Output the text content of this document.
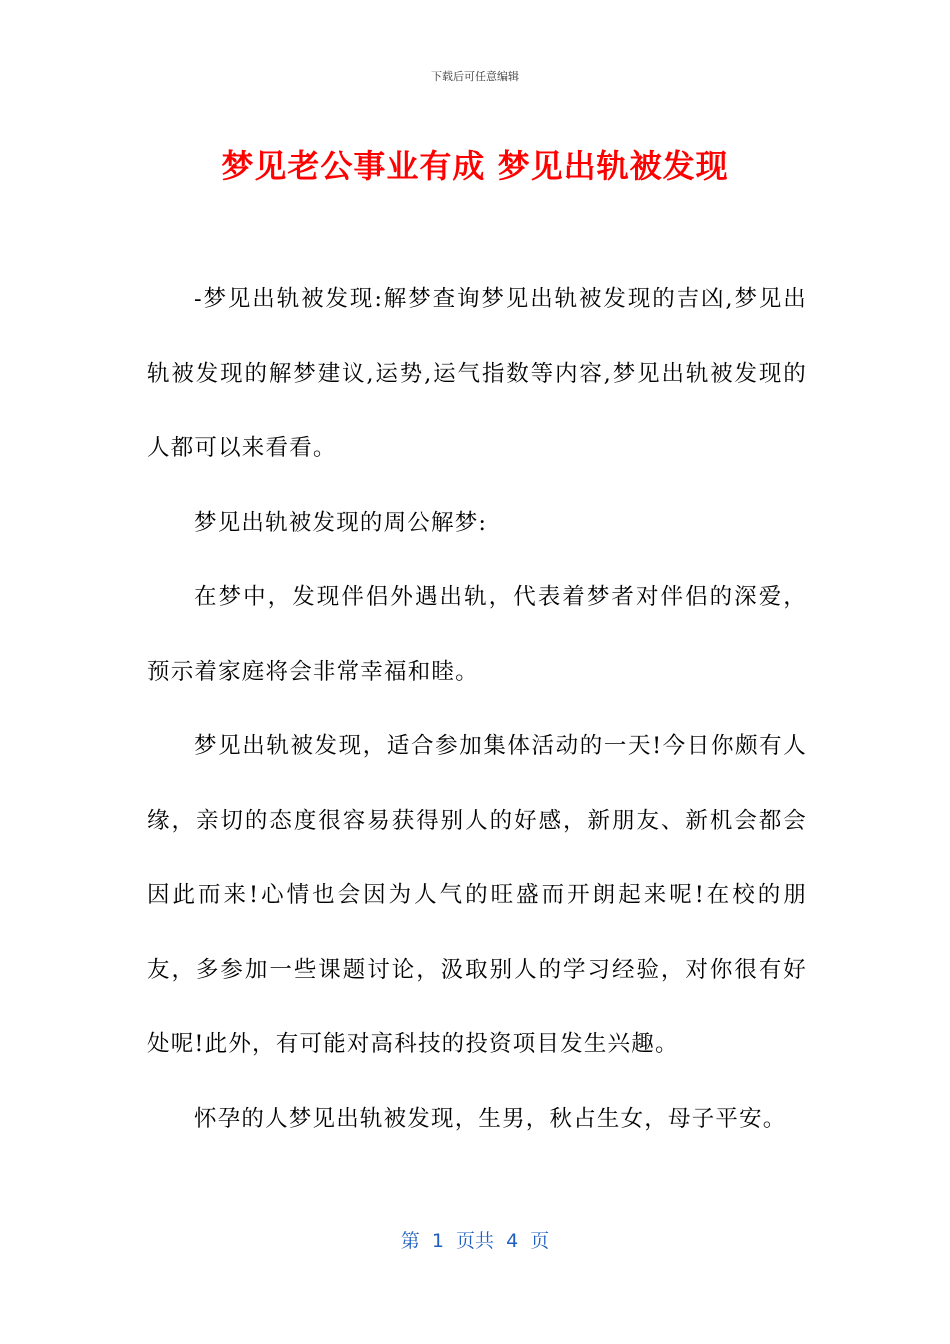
下载后可任意编辑
梦见老公事业有成 梦见出轨被发现

-梦见出轨被发现:解梦查询梦见出轨被发现的吉凶,梦见出轨被发现的解梦建议,运势,运气指数等内容,梦见出轨被发现的人都可以来看看。

梦见出轨被发现的周公解梦:

在梦中，发现伴侣外遇出轨，代表着梦者对伴侣的深爱，预示着家庭将会非常幸福和睦。

梦见出轨被发现，适合参加集体活动的一天!今日你颇有人缘，亲切的态度很容易获得别人的好感，新朋友、新机会都会因此而来!心情也会因为人气的旺盛而开朗起来呢!在校的朋友，多参加一些课题讨论，汲取别人的学习经验，对你很有好处呢!此外，有可能对高科技的投资项目发生兴趣。

怀孕的人梦见出轨被发现，生男，秋占生女，母子平安。

第  1  页共  4  页
